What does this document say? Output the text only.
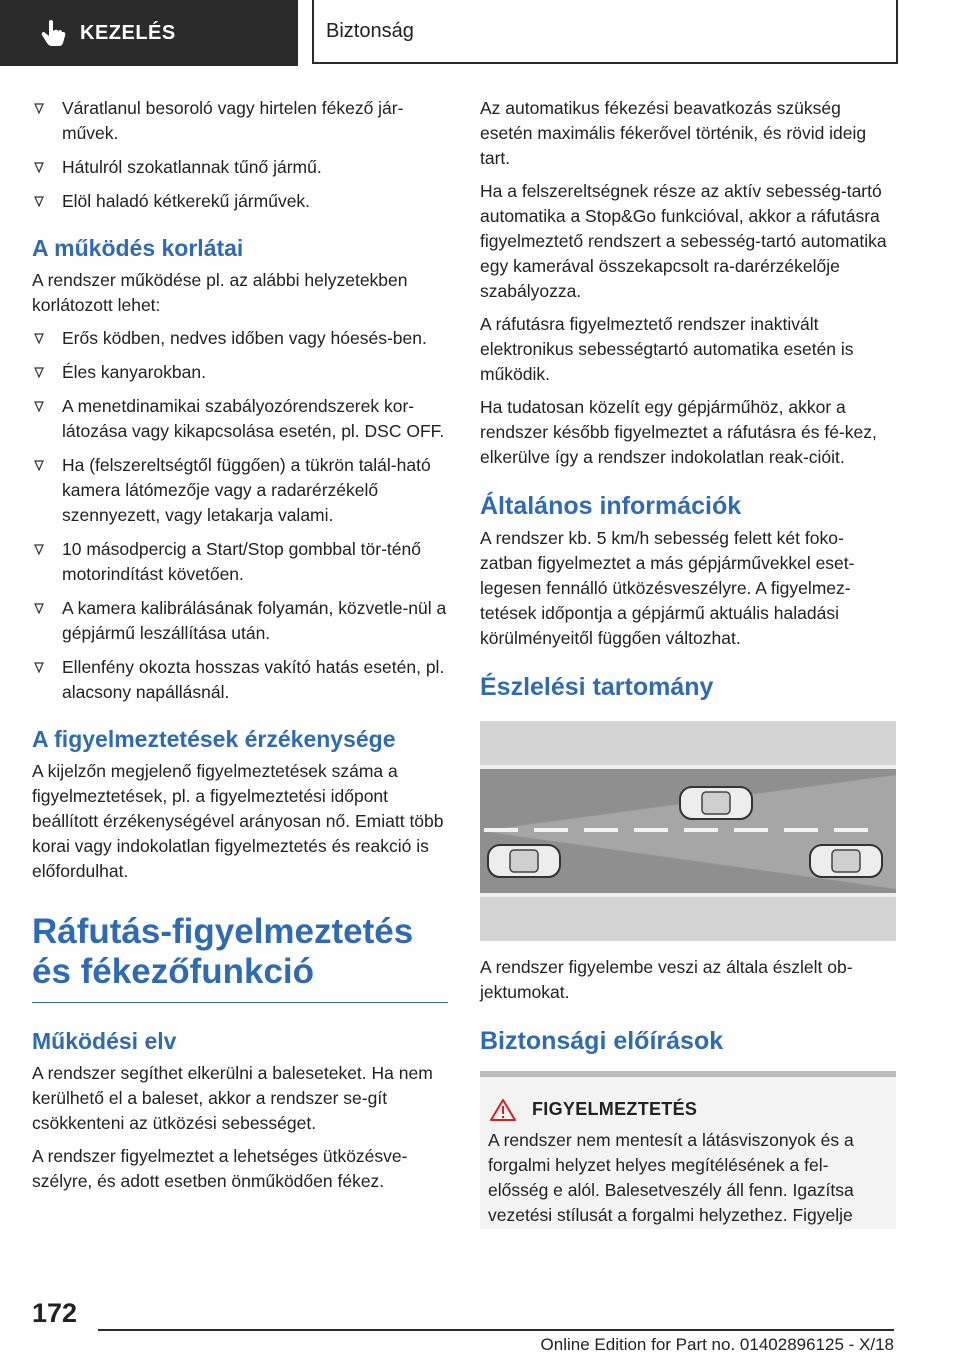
KEZELÉS	Biztonság
Váratlanul besoroló vagy hirtelen fékező jár-művek.
Hátulról szokatlannak tűnő jármű.
Elöl haladó kétkerekű járművek.
A működés korlátai

A rendszer működése pl. az alábbi helyzetekben korlátozott lehet:

Erős ködben, nedves időben vagy hóesés-ben.
Éles kanyarokban.
A menetdinamikai szabályozórendszerek kor-látozása vagy kikapcsolása esetén, pl. DSC OFF.
Ha (felszereltségtől függően) a tükrön talál-ható kamera látómezője vagy a radarérzékelő szennyezett, vagy letakarja valami.
10 másodpercig a Start/Stop gombbal tör-ténő motorindítást követően.
A kamera kalibrálásának folyamán, közvetle-nül a gépjármű leszállítása után.
Ellenfény okozta hosszas vakító hatás esetén, pl. alacsony napállásnál.
A figyelmeztetések érzékenysége

A kijelzőn megjelenő figyelmeztetések száma a figyelmeztetések, pl. a figyelmeztetési időpont beállított érzékenységével arányosan nő. Emiatt több korai vagy indokolatlan figyelmeztetés és reakció is előfordulhat.

Ráfutás-figyelmeztetés és fékezőfunkció
Működési elv

A rendszer segíthet elkerülni a baleseteket. Ha nem kerülhető el a baleset, akkor a rendszer se-gít csökkenteni az ütközési sebességet.

A rendszer figyelmeztet a lehetséges ütközésve-szélyre, és adott esetben önműködően fékez.

Az automatikus fékezési beavatkozás szükség esetén maximális fékerővel történik, és rövid ideig tart.

Ha a felszereltségnek része az aktív sebesség-tartó automatika a Stop&Go funkcióval, akkor a ráfutásra figyelmeztető rendszert a sebesség-tartó automatika egy kamerával összekapcsolt ra-darérzékelője szabályozza.

A ráfutásra figyelmeztető rendszer inaktivált elektronikus sebességtartó automatika esetén is működik.

Ha tudatosan közelít egy gépjárműhöz, akkor a rendszer később figyelmeztet a ráfutásra és fé-kez, elkerülve így a rendszer indokolatlan reak-cióit.

Általános információk

A rendszer kb. 5 km/h sebesség felett két foko-zatban figyelmeztet a más gépjárművekkel eset-legesen fennálló ütközésveszélyre. A figyelmez-tetések időpontja a gépjármű aktuális haladási körülményeitől függően változhat.

Észlelési tartomány

A rendszer figyelembe veszi az általa észlelt ob-jektumokat.

Biztonsági előírások
FIGYELMEZTETÉS

A rendszer nem mentesít a látásviszonyok és a forgalmi helyzet helyes megítélésének a fel-elősség e alól. Balesetveszély áll fenn. Igazítsa vezetési stílusát a forgalmi helyzethez. Figyelje

172
Online Edition for Part no. 01402896125 - X/18
